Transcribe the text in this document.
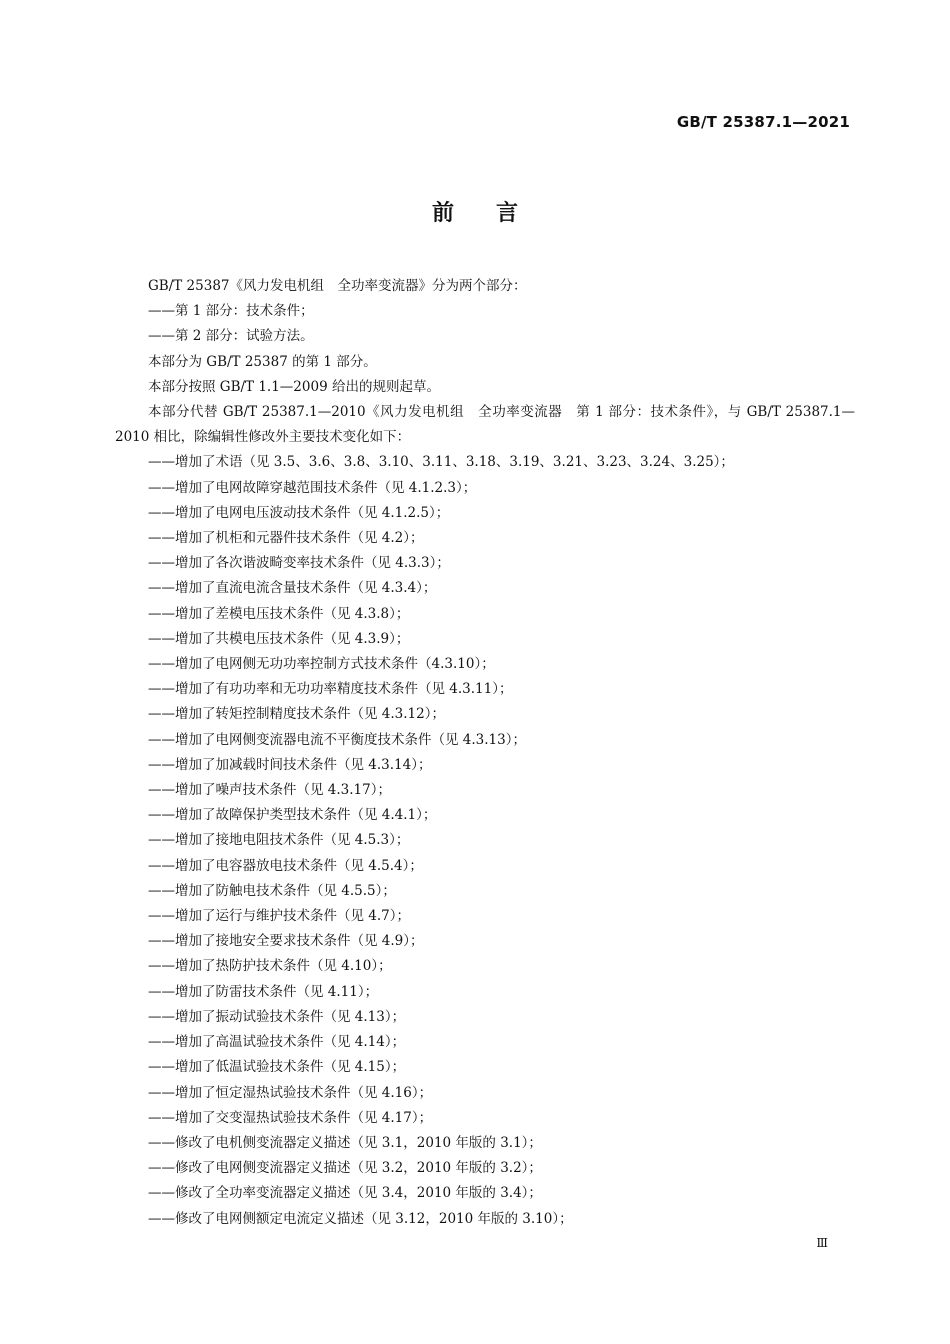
GB/T 25387.1—2021
前言
GB/T 25387《风力发电机组　全功率变流器》分为两个部分：
——第 1 部分：技术条件；
——第 2 部分：试验方法。
本部分为 GB/T 25387 的第 1 部分。
本部分按照 GB/T 1.1—2009 给出的规则起草。
本部分代替 GB/T 25387.1—2010《风力发电机组　全功率变流器　第 1 部分：技术条件》，与 GB/T 25387.1—2010 相比，除编辑性修改外主要技术变化如下：
——增加了术语（见 3.5、3.6、3.8、3.10、3.11、3.18、3.19、3.21、3.23、3.24、3.25）；
——增加了电网故障穿越范围技术条件（见 4.1.2.3）；
——增加了电网电压波动技术条件（见 4.1.2.5）；
——增加了机柜和元器件技术条件（见 4.2）；
——增加了各次谐波畸变率技术条件（见 4.3.3）；
——增加了直流电流含量技术条件（见 4.3.4）；
——增加了差模电压技术条件（见 4.3.8）；
——增加了共模电压技术条件（见 4.3.9）；
——增加了电网侧无功功率控制方式技术条件（4.3.10）；
——增加了有功功率和无功功率精度技术条件（见 4.3.11）；
——增加了转矩控制精度技术条件（见 4.3.12）；
——增加了电网侧变流器电流不平衡度技术条件（见 4.3.13）；
——增加了加减载时间技术条件（见 4.3.14）；
——增加了噪声技术条件（见 4.3.17）；
——增加了故障保护类型技术条件（见 4.4.1）；
——增加了接地电阻技术条件（见 4.5.3）；
——增加了电容器放电技术条件（见 4.5.4）；
——增加了防触电技术条件（见 4.5.5）；
——增加了运行与维护技术条件（见 4.7）；
——增加了接地安全要求技术条件（见 4.9）；
——增加了热防护技术条件（见 4.10）；
——增加了防雷技术条件（见 4.11）；
——增加了振动试验技术条件（见 4.13）；
——增加了高温试验技术条件（见 4.14）；
——增加了低温试验技术条件（见 4.15）；
——增加了恒定湿热试验技术条件（见 4.16）；
——增加了交变湿热试验技术条件（见 4.17）；
——修改了电机侧变流器定义描述（见 3.1，2010 年版的 3.1）；
——修改了电网侧变流器定义描述（见 3.2，2010 年版的 3.2）；
——修改了全功率变流器定义描述（见 3.4，2010 年版的 3.4）；
——修改了电网侧额定电流定义描述（见 3.12，2010 年版的 3.10）；
Ⅲ
